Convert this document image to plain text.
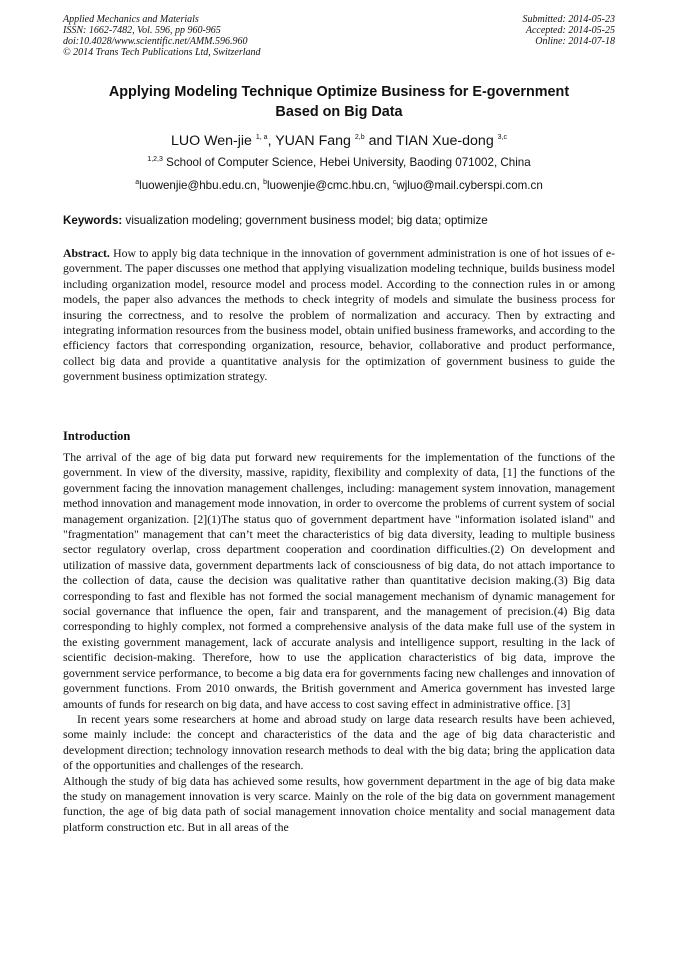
Applied Mechanics and Materials
ISSN: 1662-7482, Vol. 596, pp 960-965
doi:10.4028/www.scientific.net/AMM.596.960
© 2014 Trans Tech Publications Ltd, Switzerland
Submitted: 2014-05-23
Accepted: 2014-05-25
Online: 2014-07-18
Applying Modeling Technique Optimize Business for E-government
Based on Big Data
LUO Wen-jie $^{1, a}$, YUAN Fang $^{2,b}$ and TIAN Xue-dong $^{3,c}$
$^{1,2,3}$ School of Computer Science, Hebei University, Baoding 071002, China
$^a$luowenjie@hbu.edu.cn, $^b$luowenjie@cmc.hbu.cn, $^c$wjluo@mail.cyberspi.com.cn
Keywords: visualization modeling; government business model; big data; optimize
Abstract. How to apply big data technique in the innovation of government administration is one of hot issues of e-government. The paper discusses one method that applying visualization modeling technique, builds business model including organization model, resource model and process model. According to the connection rules in or among models, the paper also advances the methods to check integrity of models and simulate the business process for insuring the correctness, and to resolve the problem of normalization and accuracy. Then by extracting and integrating information resources from the business model, obtain unified business frameworks, and according to the efficiency factors that corresponding organization, resource, behavior, collaborative and product performance, collect big data and provide a quantitative analysis for the optimization of government business to guide the government business optimization strategy.
Introduction

The arrival of the age of big data put forward new requirements for the implementation of the functions of the government. In view of the diversity, massive, rapidity, flexibility and complexity of data, [1] the functions of the government facing the innovation management challenges, including: management system innovation, management method innovation and management mode innovation, in order to overcome the problems of current system of social management organization. [2](1)The status quo of government department have "information isolated island" and "fragmentation" management that can’t meet the characteristics of big data diversity, leading to multiple business sector regulatory overlap, cross department cooperation and coordination difficulties.(2) On development and utilization of massive data, government departments lack of consciousness of big data, do not attach importance to the collection of data, cause the decision was qualitative rather than quantitative decision making.(3) Big data corresponding to fast and flexible has not formed the social management mechanism of dynamic management for social governance that influence the open, fair and transparent, and the management of precision.(4) Big data corresponding to highly complex, not formed a comprehensive analysis of the data make full use of the system in the existing government management, lack of accurate analysis and intelligence support, resulting in the lack of scientific decision-making. Therefore, how to use the application characteristics of big data, improve the government service performance, to become a big data era for governments facing new challenges and innovation of government functions. From 2010 onwards, the British government and America government has invested large amounts of funds for research on big data, and have access to cost saving effect in administrative office. [3]

In recent years some researchers at home and abroad study on large data research results have been achieved, some mainly include: the concept and characteristics of the data and the age of big data characteristic and development direction; technology innovation research methods to deal with the big data; bring the application data of the opportunities and challenges of the research.

Although the study of big data has achieved some results, how government department in the age of big data make the study on management innovation is very scarce. Mainly on the role of the big data on government management function, the age of big data path of social management innovation choice mentality and social management data platform construction etc. But in all areas of the
